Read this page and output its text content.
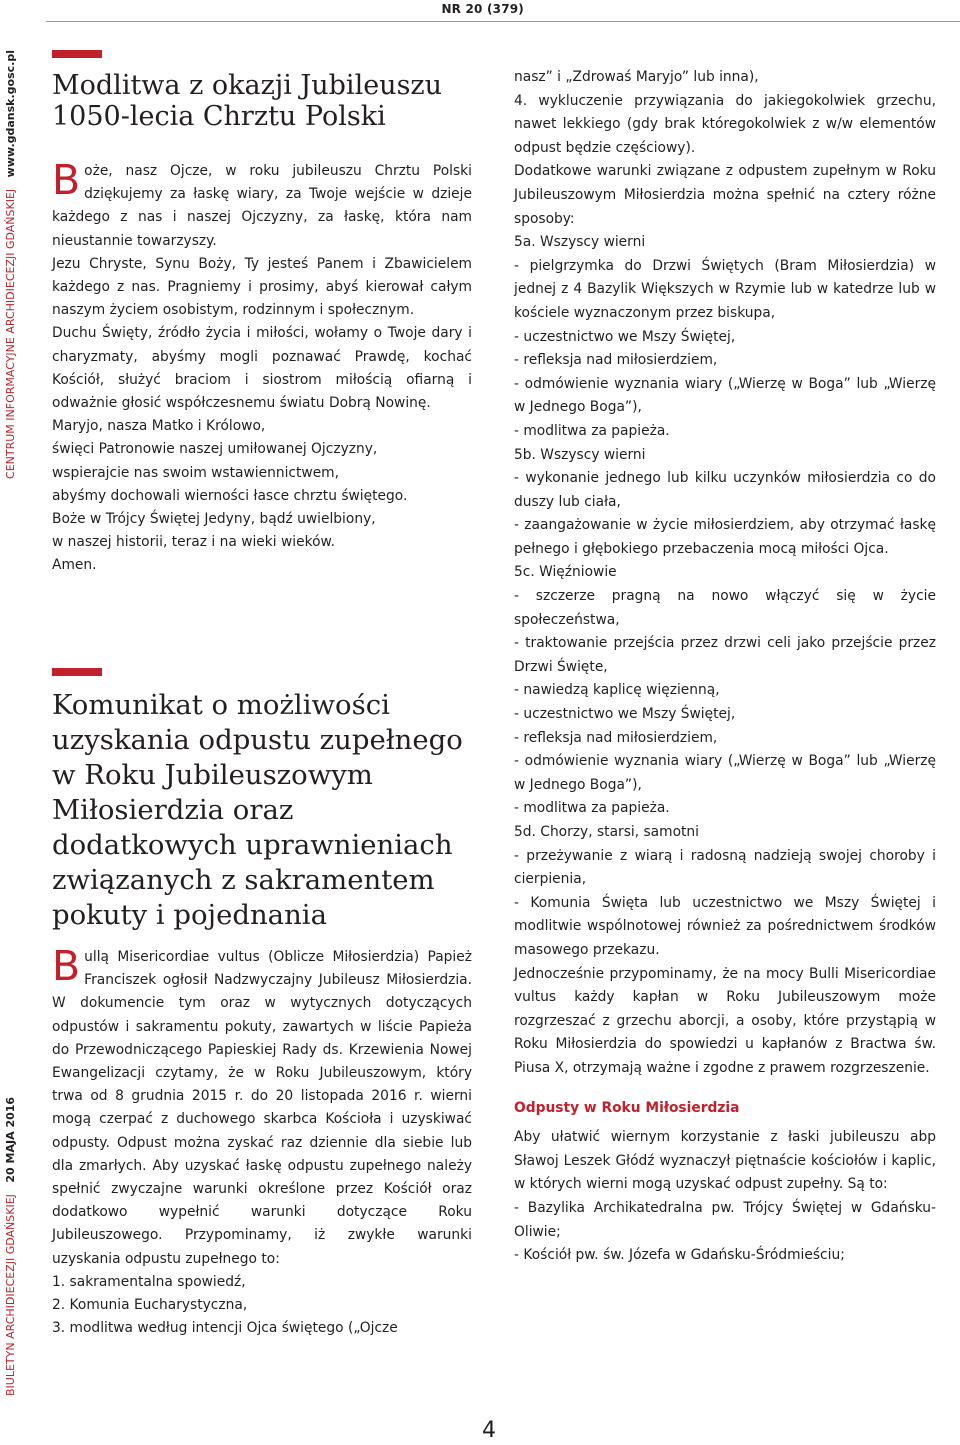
NR 20 (379)
BIULETYN ARCHIDIECEZJI GDAŃSKIEJ 20 MAJA 2016
CENTRUM INFORMACYJNE ARCHIDIECEZJI GDAŃSKIEJ www.gdansk.gosc.pl Modlitwa z okazji Jubileuszu 1050-lecia Chrztu Polski

Boże, nasz Ojcze, w roku jubileuszu Chrztu Polski dziękujemy za łaskę wiary, za Twoje wejście w dzieje każdego z nas i naszej Ojczyzny, za łaskę, która nam nieustannie towarzyszy.

Jezu Chryste, Synu Boży, Ty jesteś Panem i Zbawicielem każdego z nas. Pragniemy i prosimy, abyś kierował całym naszym życiem osobistym, rodzinnym i społecznym.

Duchu Święty, źródło życia i miłości, wołamy o Twoje dary i charyzmaty, abyśmy mogli poznawać Prawdę, kochać Kościół, służyć braciom i siostrom miłością ofiarną i odważnie głosić współczesnemu światu Dobrą Nowinę.

Maryjo, nasza Matko i Królowo,

święci Patronowie naszej umiłowanej Ojczyzny,

wspierajcie nas swoim wstawiennictwem,

abyśmy dochowali wierności łasce chrztu świętego.

Boże w Trójcy Świętej Jedyny, bądź uwielbiony,

w naszej historii, teraz i na wieki wieków.

Amen.

Komunikat o możliwości uzyskania odpustu zupełnego w Roku Jubileuszowym Miłosierdzia oraz dodatkowych uprawnieniach związanych z sakramentem pokuty i pojednania

Bullą Misericordiae vultus (Oblicze Miłosierdzia) Papież Franciszek ogłosił Nadzwyczajny Jubileusz Miłosierdzia. W dokumencie tym oraz w wytycznych dotyczących odpustów i sakramentu pokuty, zawartych w liście Papieża do Przewodniczącego Papieskiej Rady ds. Krzewienia Nowej Ewangelizacji czytamy, że w Roku Jubileuszowym, który trwa od 8 grudnia 2015 r. do 20 listopada 2016 r. wierni mogą czerpać z duchowego skarbca Kościoła i uzyskiwać odpusty. Odpust można zyskać raz dziennie dla siebie lub dla zmarłych. Aby uzyskać łaskę odpustu zupełnego należy spełnić zwyczajne warunki określone przez Kościół oraz dodatkowo wypełnić warunki dotyczące Roku Jubileuszowego. Przypominamy, iż zwykłe warunki uzyskania odpustu zupełnego to:

1. sakramentalna spowiedź,

2. Komunia Eucharystyczna,

3. modlitwa według intencji Ojca świętego („Ojcze

nasz” i „Zdrowaś Maryjo” lub inna),

4. wykluczenie przywiązania do jakiegokolwiek grzechu, nawet lekkiego (gdy brak któregokolwiek z w/w elementów odpust będzie częściowy).

Dodatkowe warunki związane z odpustem zupełnym w Roku Jubileuszowym Miłosierdzia można spełnić na cztery różne sposoby:

5a. Wszyscy wierni

- pielgrzymka do Drzwi Świętych (Bram Miłosierdzia) w jednej z 4 Bazylik Większych w Rzymie lub w katedrze lub w kościele wyznaczonym przez biskupa,

- uczestnictwo we Mszy Świętej,

- refleksja nad miłosierdziem,

- odmówienie wyznania wiary („Wierzę w Boga” lub „Wierzę w Jednego Boga”),

- modlitwa za papieża.

5b. Wszyscy wierni

- wykonanie jednego lub kilku uczynków miłosierdzia co do duszy lub ciała,

- zaangażowanie w życie miłosierdziem, aby otrzymać łaskę pełnego i głębokiego przebaczenia mocą miłości Ojca.

5c. Więźniowie

- szczerze pragną na nowo włączyć się w życie społeczeństwa,

- traktowanie przejścia przez drzwi celi jako przejście przez Drzwi Święte,

- nawiedzą kaplicę więzienną,

- uczestnictwo we Mszy Świętej,

- refleksja nad miłosierdziem,

- odmówienie wyznania wiary („Wierzę w Boga” lub „Wierzę w Jednego Boga”),

- modlitwa za papieża.

5d. Chorzy, starsi, samotni

- przeżywanie z wiarą i radosną nadzieją swojej choroby i cierpienia,

- Komunia Święta lub uczestnictwo we Mszy Świętej i modlitwie wspólnotowej również za pośrednictwem środków masowego przekazu.

Jednocześnie przypominamy, że na mocy Bulli Misericordiae vultus każdy kapłan w Roku Jubileuszowym może rozgrzeszać z grzechu aborcji, a osoby, które przystąpią w Roku Miłosierdzia do spowiedzi u kapłanów z Bractwa św. Piusa X, otrzymają ważne i zgodne z prawem rozgrzeszenie.

Odpusty w Roku Miłosierdzia

Aby ułatwić wiernym korzystanie z łaski jubileuszu abp Sławoj Leszek Głódź wyznaczył piętnaście kościołów i kaplic, w których wierni mogą uzyskać odpust zupełny. Są to:

- Bazylika Archikatedralna pw. Trójcy Świętej w Gdańsku-Oliwie;

- Kościół pw. św. Józefa w Gdańsku-Śródmieściu;

4
